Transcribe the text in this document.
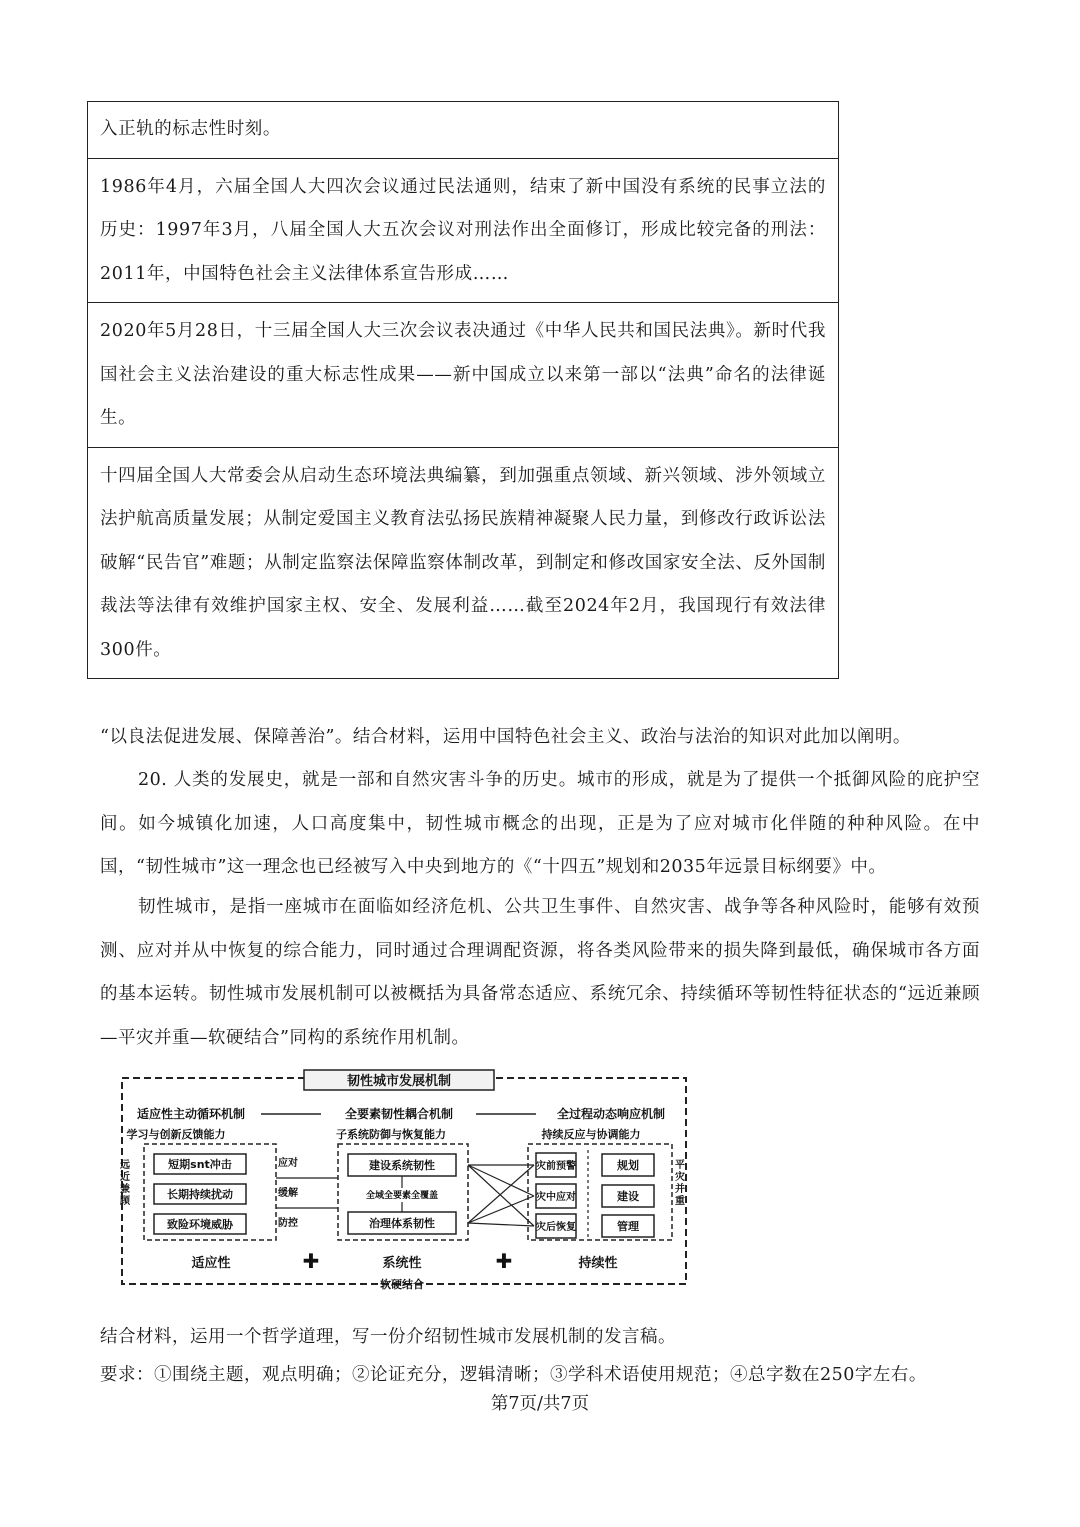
入正轨的标志性时刻。
1986年4月，六届全国人大四次会议通过民法通则，结束了新中国没有系统的民事立法的历史：1997年3月，八届全国人大五次会议对刑法作出全面修订，形成比较完备的刑法：2011年，中国特色社会主义法律体系宣告形成……
2020年5月28日，十三届全国人大三次会议表决通过《中华人民共和国民法典》。新时代我国社会主义法治建设的重大标志性成果——新中国成立以来第一部以“法典”命名的法律诞生。
十四届全国人大常委会从启动生态环境法典编纂，到加强重点领域、新兴领域、涉外领域立法护航高质量发展；从制定爱国主义教育法弘扬民族精神凝聚人民力量，到修改行政诉讼法破解“民告官”难题；从制定监察法保障监察体制改革，到制定和修改国家安全法、反外国制裁法等法律有效维护国家主权、安全、发展利益……截至2024年2月，我国现行有效法律300件。
“以良法促进发展、保障善治”。结合材料，运用中国特色社会主义、政治与法治的知识对此加以阐明。
20. 人类的发展史，就是一部和自然灾害斗争的历史。城市的形成，就是为了提供一个抵御风险的庇护空间。如今城镇化加速，人口高度集中，韧性城市概念的出现，正是为了应对城市化伴随的种种风险。在中国，“韧性城市”这一理念也已经被写入中央到地方的《“十四五”规划和2035年远景目标纲要》中。
韧性城市，是指一座城市在面临如经济危机、公共卫生事件、自然灾害、战争等各种风险时，能够有效预测、应对并从中恢复的综合能力，同时通过合理调配资源，将各类风险带来的损失降到最低，确保城市各方面的基本运转。韧性城市发展机制可以被概括为具备常态适应、系统冗余、持续循环等韧性特征状态的“远近兼顾—平灾并重—软硬结合”同构的系统作用机制。
韧性城市发展机制
适应性主动循环机制	全要素韧性耦合机制	全过程动态响应机制
学习与创新反馈能力	子系统防御与恢复能力	持续反应与协调能力
远近兼顾
平灾并重
短期snt冲击
长期持续扰动
致险环境威胁
应对
缓解
防控
建设系统韧性
全域全要素全覆盖
治理体系韧性
灾前预警
灾中应对
灾后恢复
规划
建设
管理
适应性	✚	系统性	✚	持续性
软硬结合
结合材料，运用一个哲学道理，写一份介绍韧性城市发展机制的发言稿。
要求：①围绕主题，观点明确；②论证充分，逻辑清晰；③学科术语使用规范；④总字数在250字左右。
第7页/共7页
